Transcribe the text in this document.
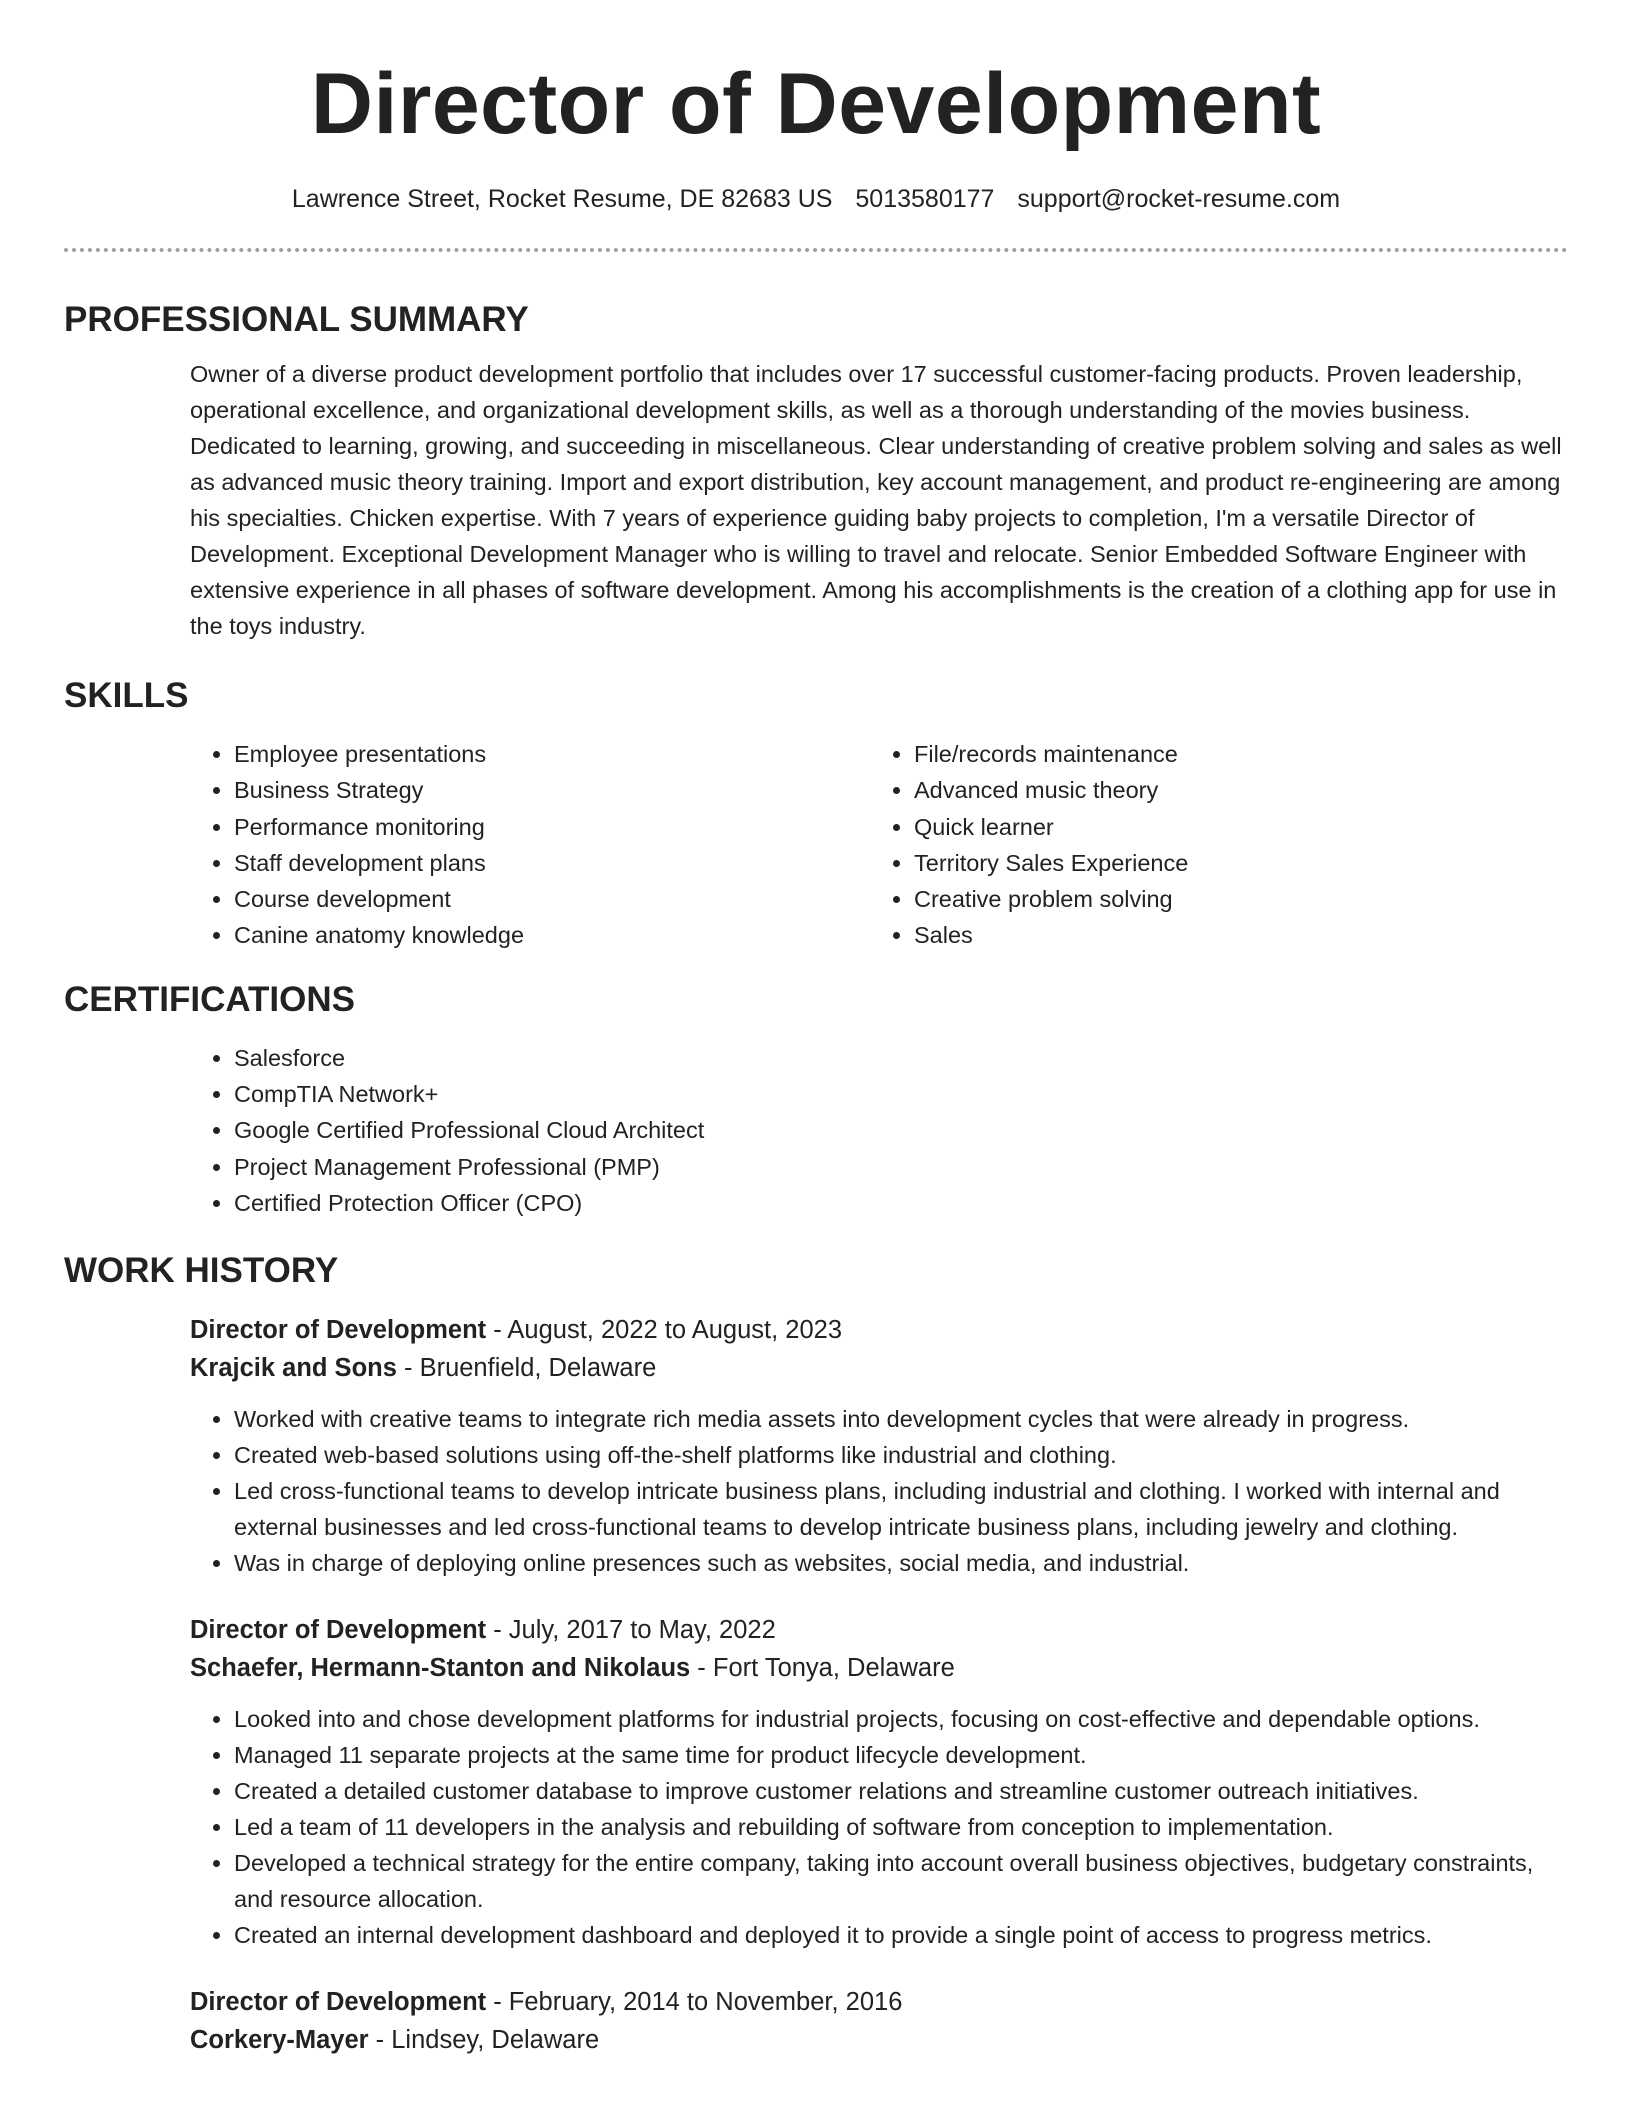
Director of Development
Lawrence Street, Rocket Resume, DE 82683 US 5013580177 support@rocket-resume.com
PROFESSIONAL SUMMARY

Owner of a diverse product development portfolio that includes over 17 successful customer-facing products. Proven leadership, operational excellence, and organizational development skills, as well as a thorough understanding of the movies business. Dedicated to learning, growing, and succeeding in miscellaneous. Clear understanding of creative problem solving and sales as well as advanced music theory training. Import and export distribution, key account management, and product re-engineering are among his specialties. Chicken expertise. With 7 years of experience guiding baby projects to completion, I'm a versatile Director of Development. Exceptional Development Manager who is willing to travel and relocate. Senior Embedded Software Engineer with extensive experience in all phases of software development. Among his accomplishments is the creation of a clothing app for use in the toys industry.

SKILLS
• Employee presentations
• Business Strategy
• Performance monitoring
• Staff development plans
• Course development
• Canine anatomy knowledge
• File/records maintenance
• Advanced music theory
• Quick learner
• Territory Sales Experience
• Creative problem solving
• Sales
CERTIFICATIONS
• Salesforce
• CompTIA Network+
• Google Certified Professional Cloud Architect
• Project Management Professional (PMP)
• Certified Protection Officer (CPO)
WORK HISTORY
Director of Development - August, 2022 to August, 2023
Krajcik and Sons - Bruenfield, Delaware
• Worked with creative teams to integrate rich media assets into development cycles that were already in progress.
• Created web-based solutions using off-the-shelf platforms like industrial and clothing.
• Led cross-functional teams to develop intricate business plans, including industrial and clothing. I worked with internal and external businesses and led cross-functional teams to develop intricate business plans, including jewelry and clothing.
• Was in charge of deploying online presences such as websites, social media, and industrial.
Director of Development - July, 2017 to May, 2022
Schaefer, Hermann-Stanton and Nikolaus - Fort Tonya, Delaware
• Looked into and chose development platforms for industrial projects, focusing on cost-effective and dependable options.
• Managed 11 separate projects at the same time for product lifecycle development.
• Created a detailed customer database to improve customer relations and streamline customer outreach initiatives.
• Led a team of 11 developers in the analysis and rebuilding of software from conception to implementation.
• Developed a technical strategy for the entire company, taking into account overall business objectives, budgetary constraints, and resource allocation.
• Created an internal development dashboard and deployed it to provide a single point of access to progress metrics.
Director of Development - February, 2014 to November, 2016
Corkery-Mayer - Lindsey, Delaware
